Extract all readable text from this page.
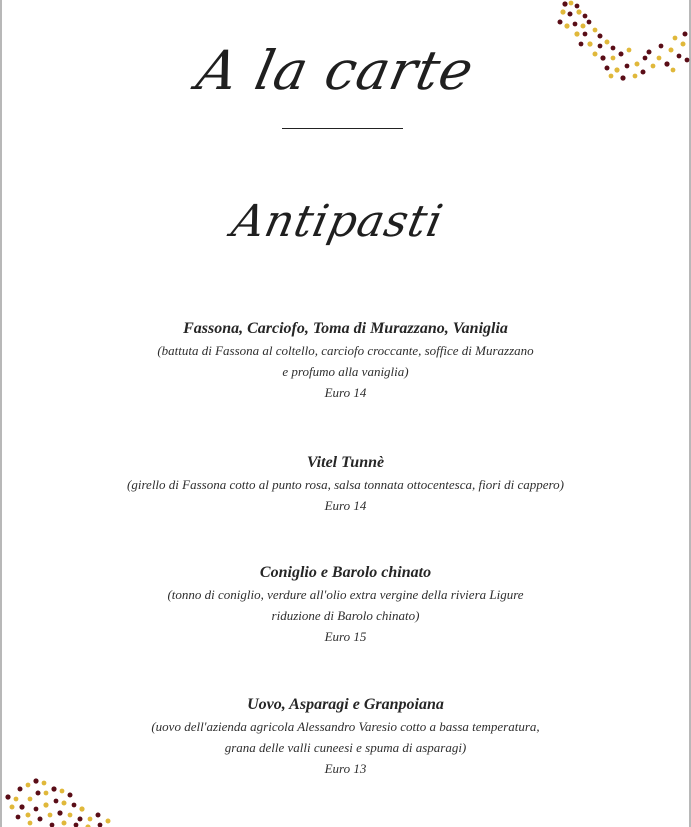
A la carte
Antipasti
Fassona, Carciofo, Toma di Murazzano, Vaniglia
(battuta di Fassona al coltello, carciofo croccante, soffice di Murazzano
e profumo alla vaniglia)
Euro 14
Vitel Tunnè
(girello di Fassona cotto al punto rosa, salsa tonnata ottocentesca, fiori di cappero)
Euro 14
Coniglio e Barolo chinato
(tonno di coniglio, verdure all'olio extra vergine della riviera Ligure
riduzione di Barolo chinato)
Euro 15
Uovo, Asparagi e Granpoiana
(uovo dell'azienda agricola Alessandro Varesio cotto a bassa temperatura,
grana delle valli cuneesi e spuma di asparagi)
Euro 13
